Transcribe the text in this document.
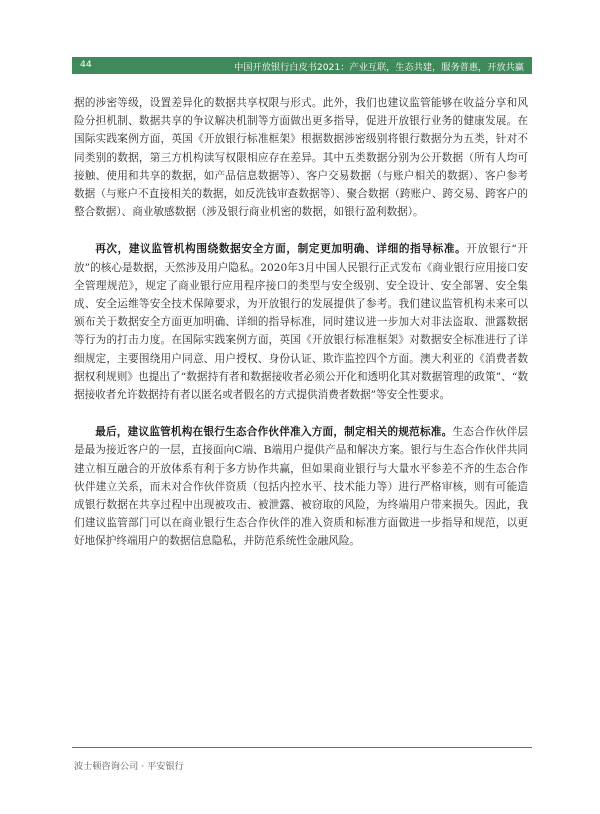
44	中国开放银行白皮书2021：产业互联，生态共建，服务普惠，开放共赢

据的涉密等级，设置差异化的数据共享权限与形式。此外，我们也建议监管能够在收益分享和风险分担机制、数据共享的争议解决机制等方面做出更多指导，促进开放银行业务的健康发展。在国际实践案例方面，英国《开放银行标准框架》根据数据涉密级别将银行数据分为五类，针对不同类别的数据，第三方机构读写权限相应存在差异。其中五类数据分别为公开数据（所有人均可接触、使用和共享的数据，如产品信息数据等）、客户交易数据（与账户相关的数据）、客户参考数据（与账户不直接相关的数据，如反洗钱审查数据等）、聚合数据（跨账户、跨交易、跨客户的整合数据）、商业敏感数据（涉及银行商业机密的数据，如银行盈利数据）。

再次，建议监管机构围绕数据安全方面，制定更加明确、详细的指导标准。开放银行“开放”的核心是数据，天然涉及用户隐私。2020年3月中国人民银行正式发布《商业银行应用接口安全管理规范》，规定了商业银行应用程序接口的类型与安全级别、安全设计、安全部署、安全集成、安全运维等安全技术保障要求，为开放银行的发展提供了参考。我们建议监管机构未来可以颁布关于数据安全方面更加明确、详细的指导标准，同时建议进一步加大对非法盗取、泄露数据等行为的打击力度。在国际实践案例方面，英国《开放银行标准框架》对数据安全标准进行了详细规定，主要围绕用户同意、用户授权、身份认证、欺诈监控四个方面。澳大利亚的《消费者数据权利规则》也提出了“数据持有者和数据接收者必须公开化和透明化其对数据管理的政策”、“数据接收者允许数据持有者以匿名或者假名的方式提供消费者数据”等安全性要求。

最后，建议监管机构在银行生态合作伙伴准入方面，制定相关的规范标准。生态合作伙伴层是最为接近客户的一层，直接面向C端、B端用户提供产品和解决方案。银行与生态合作伙伴共同建立相互融合的开放体系有利于多方协作共赢，但如果商业银行与大量水平参差不齐的生态合作伙伴建立关系，而未对合作伙伴资质（包括内控水平、技术能力等）进行严格审核，则有可能造成银行数据在共享过程中出现被攻击、被泄露、被窃取的风险，为终端用户带来损失。因此，我们建议监管部门可以在商业银行生态合作伙伴的准入资质和标准方面做进一步指导和规范，以更好地保护终端用户的数据信息隐私，并防范系统性金融风险。

波士顿咨询公司 · 平安银行
